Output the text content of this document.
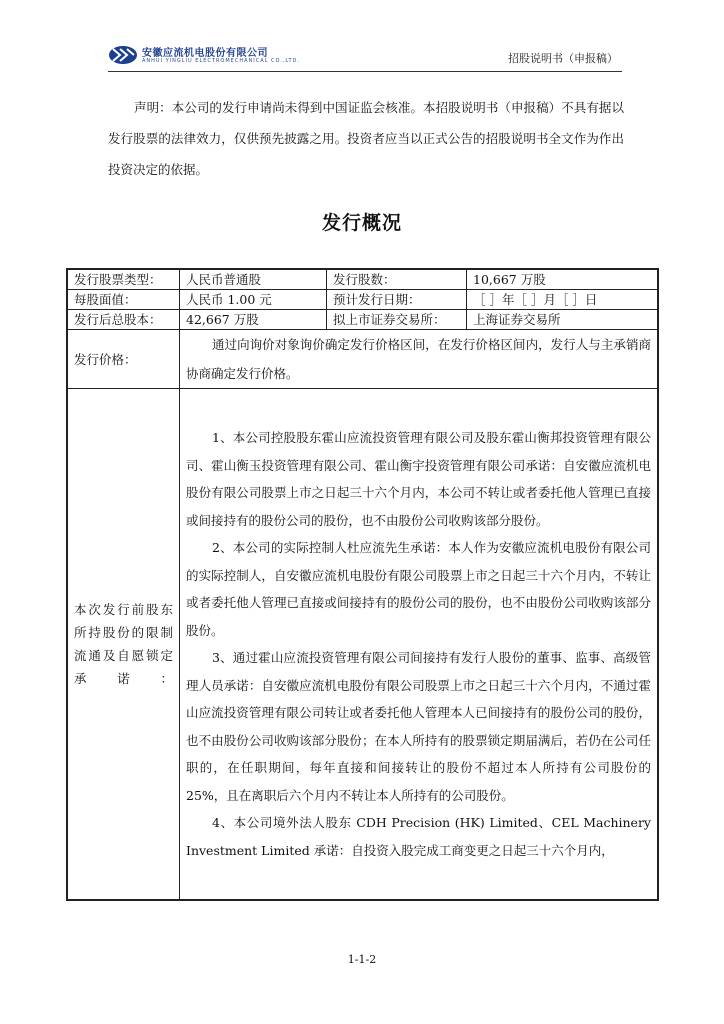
安徽应流机电股份有限公司
ANHUI YINGLIU ELECTROMECHANICAL CO.,LTD.	招股说明书（申报稿）

声明：本公司的发行申请尚未得到中国证监会核准。本招股说明书（申报稿）不具有据以发行股票的法律效力，仅供预先披露之用。投资者应当以正式公告的招股说明书全文作为作出投资决定的依据。

发行概况
发行股票类型：	人民币普通股	发行股数：	10,667 万股
每股面值：	人民币 1.00 元	预计发行日期：	［ ］年［ ］月［ ］日
发行后总股本：	42,667 万股	拟上市证券交易所：	上海证券交易所
发行价格：	通过向询价对象询价确定发行价格区间，在发行价格区间内，发行人与主承销商协商确定发行价格。		

本次发行前股东所持股份的限制流通及自愿锁定承诺：	1、本公司控股股东霍山应流投资管理有限公司及股东霍山衡邦投资管理有限公司、霍山衡玉投资管理有限公司、霍山衡宇投资管理有限公司承诺：自安徽应流机电股份有限公司股票上市之日起三十六个月内，本公司不转让或者委托他人管理已直接或间接持有的股份公司的股份，也不由股份公司收购该部分股份。

2、本公司的实际控制人杜应流先生承诺：本人作为安徽应流机电股份有限公司的实际控制人，自安徽应流机电股份有限公司股票上市之日起三十六个月内，不转让或者委托他人管理已直接或间接持有的股份公司的股份，也不由股份公司收购该部分股份。

3、通过霍山应流投资管理有限公司间接持有发行人股份的董事、监事、高级管理人员承诺：自安徽应流机电股份有限公司股票上市之日起三十六个月内，不通过霍山应流投资管理有限公司转让或者委托他人管理本人已间接持有的股份公司的股份，也不由股份公司收购该部分股份；在本人所持有的股票锁定期届满后，若仍在公司任职的，在任职期间，每年直接和间接转让的股份不超过本人所持有公司股份的 25%，且在离职后六个月内不转让本人所持有的公司股份。

4、本公司境外法人股东 CDH Precision (HK) Limited、CEL Machinery Investment Limited 承诺：自投资入股完成工商变更之日起三十六个月内，		

1-1-2
